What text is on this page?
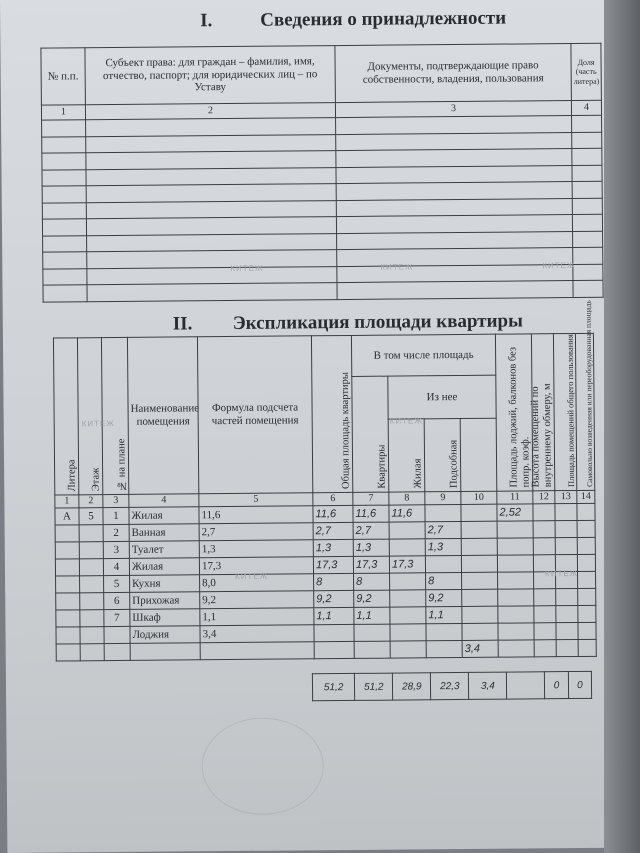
I.	Сведения о принадлежности
№ п.п.	Субъект права: для граждан – фамилия, имя, отчество, паспорт; для юридических лиц – по Уставу	Документы, подтверждающие право собственности, владения, пользования	Доля (часть литера)
1	2	3	4

II. Экспликация площади квартиры
Литера	Этаж	№ на плане	Наименование помещения	Формула подсчета частей помещения	Общая площадь квартиры	В том числе площадь				Площадь лоджий, балконов без попр. коэф.	Высота помещений по внутреннему обмеру, м	Площадь помещений общего пользования	Самовольно возведенная или переоборудованная площадь
						Квартиры	Из нее						
							Жилая	Подсобная					
1	2	3	4	5	6	7	8	9	10	11	12	13	14
А	5	1	Жилая	11,6	11,6	11,6	11,6			2,52			
		2	Ванная	2,7	2,7	2,7		2,7					
		3	Туалет	1,3	1,3	1,3		1,3					
		4	Жилая	17,3	17,3	17,3	17,3						
		5	Кухня	8,0	8	8		8					
		6	Прихожая	9,2	9,2	9,2		9,2					
		7	Шкаф	1,1	1,1	1,1		1,1					
			Лоджия	3,4									
									3,4				
51,2	51,2	28,9	22,3	3,4		0	0
КИТЕЖ	КИТЕЖ	КИТЕЖ
КИТЕЖ	КИТЕЖ
КИТЕЖ	КИТЕЖ
